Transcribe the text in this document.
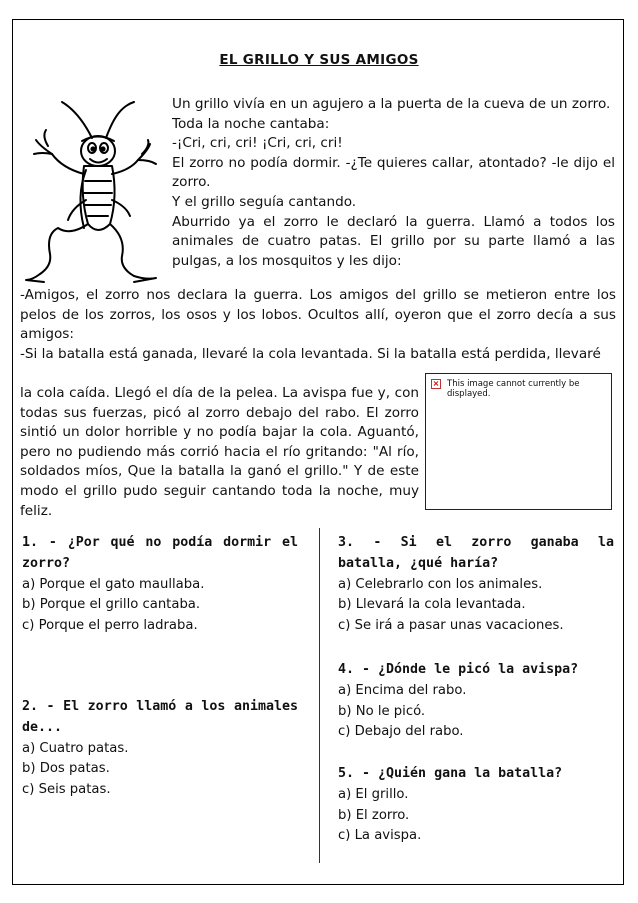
EL GRILLO Y SUS AMIGOS

Un grillo vivía en un agujero a la puerta de la cueva de un zorro.

Toda la noche cantaba:

-¡Cri, cri, cri! ¡Cri, cri, cri!

El zorro no podía dormir. -¿Te quieres callar, atontado? -le dijo el zorro.

Y el grillo seguía cantando.

Aburrido ya el zorro le declaró la guerra. Llamó a todos los animales de cuatro patas. El grillo por su parte llamó a las pulgas, a los mosquitos y les dijo:

-Amigos, el zorro nos declara la guerra. Los amigos del grillo se metieron entre los pelos de los zorros, los osos y los lobos. Ocultos allí, oyeron que el zorro decía a sus amigos:

-Si la batalla está ganada, llevaré la cola levantada. Si la batalla está perdida, llevaré

la cola caída. Llegó el día de la pelea. La avispa fue y, con todas sus fuerzas, picó al zorro debajo del rabo. El zorro sintió un dolor horrible y no podía bajar la cola. Aguantó, pero no pudiendo más corrió hacia el río gritando: "Al río, soldados míos, Que la batalla la ganó el grillo." Y de este modo el grillo pudo seguir cantando toda la noche, muy feliz.

× This image cannot currently be displayed.
1. - ¿Por qué no podía dormir el zorro?
a) Porque el gato maullaba.
b) Porque el grillo cantaba.
c) Porque el perro ladraba.
2. - El zorro llamó a los animales de...
a) Cuatro patas.
b) Dos patas.
c) Seis patas.
3. - Si el zorro ganaba la batalla, ¿qué haría?
a) Celebrarlo con los animales.
b) Llevará la cola levantada.
c) Se irá a pasar unas vacaciones.
4. - ¿Dónde le picó la avispa?
a) Encima del rabo.
b) No le picó.
c) Debajo del rabo.
5. - ¿Quién gana la batalla?
a) El grillo.
b) El zorro.
c) La avispa.
